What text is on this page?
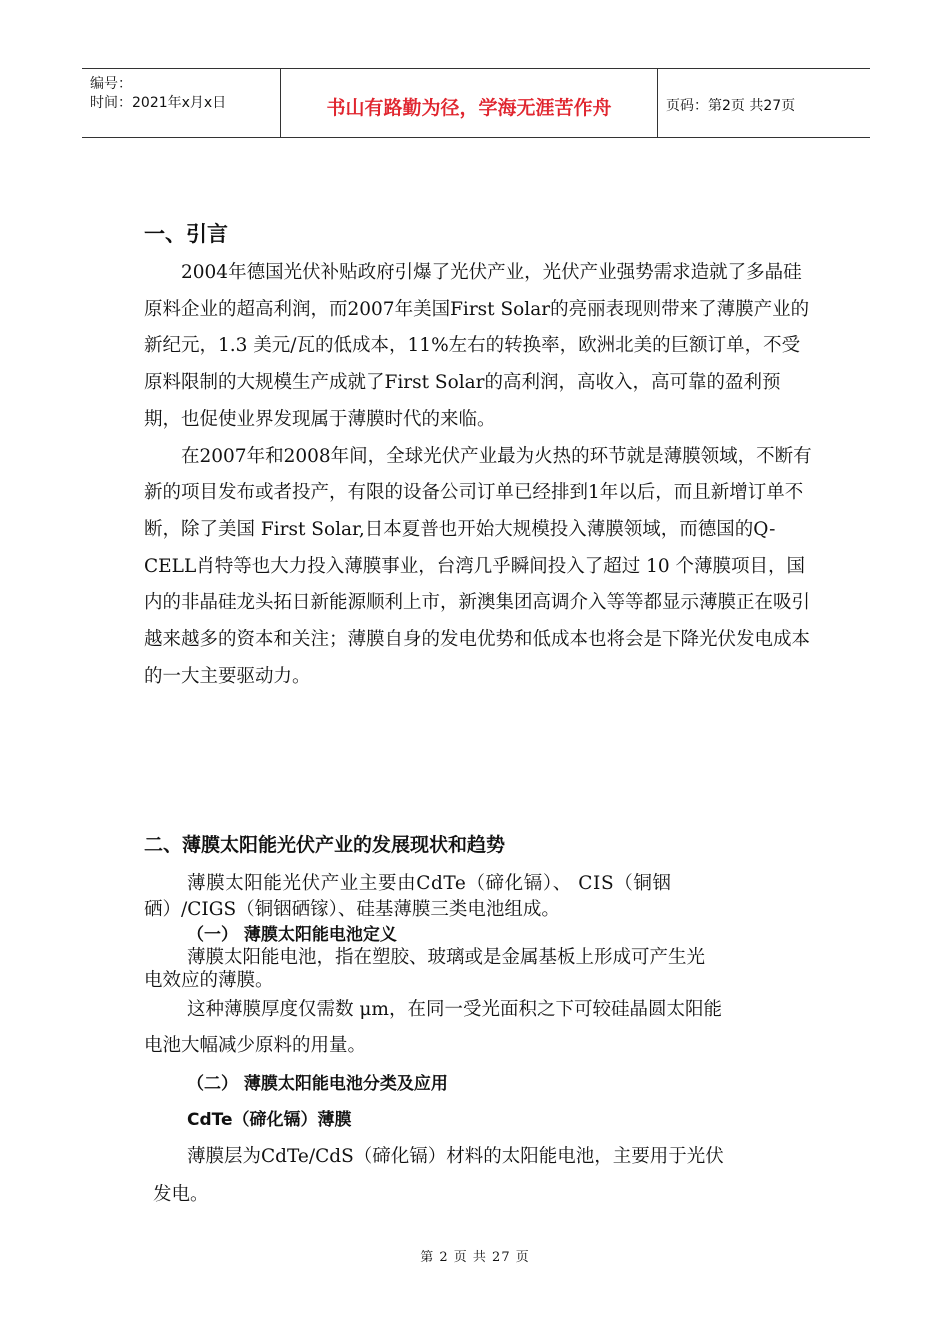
编号：
时间：2021年x月x日	书山有路勤为径，学海无涯苦作舟	页码：第2页 共27页
一、引言

2004年德国光伏补贴政府引爆了光伏产业，光伏产业强势需求造就了多晶硅原料企业的超高利润，而2007年美国First Solar的亮丽表现则带来了薄膜产业的新纪元，1.3 美元/瓦的低成本，11%左右的转换率，欧洲北美的巨额订单，不受原料限制的大规模生产成就了First Solar的高利润，高收入，高可靠的盈利预期，也促使业界发现属于薄膜时代的来临。

在2007年和2008年间，全球光伏产业最为火热的环节就是薄膜领域，不断有新的项目发布或者投产，有限的设备公司订单已经排到1年以后，而且新增订单不断，除了美国 First Solar,日本夏普也开始大规模投入薄膜领域，而德国的Q-CELL肖特等也大力投入薄膜事业，台湾几乎瞬间投入了超过 10 个薄膜项目，国内的非晶硅龙头拓日新能源顺利上市，新澳集团高调介入等等都显示薄膜正在吸引越来越多的资本和关注；薄膜自身的发电优势和低成本也将会是下降光伏发电成本的一大主要驱动力。

二、薄膜太阳能光伏产业的发展现状和趋势
薄膜太阳能光伏产业主要由CdTe（碲化镉）、 CIS（铜铟
硒）/CIGS（铜铟硒镓）、硅基薄膜三类电池组成。
（一） 薄膜太阳能电池定义
薄膜太阳能电池，指在塑胶、玻璃或是金属基板上形成可产生光
电效应的薄膜。
这种薄膜厚度仅需数 μm，在同一受光面积之下可较硅晶圆太阳能
电池大幅减少原料的用量。
（二） 薄膜太阳能电池分类及应用
CdTe（碲化镉）薄膜
薄膜层为CdTe/CdS（碲化镉）材料的太阳能电池，主要用于光伏
发电。
第 2 页 共 27 页
